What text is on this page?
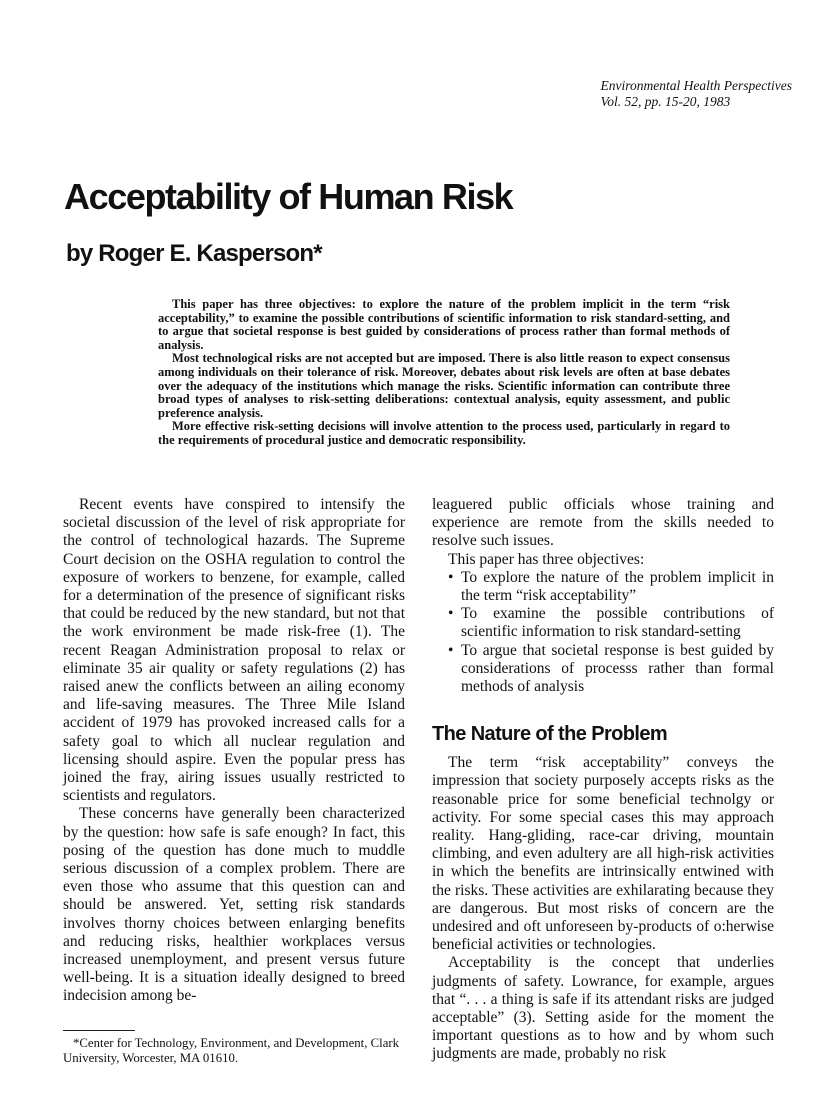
Environmental Health Perspectives
Vol. 52, pp. 15-20, 1983
Acceptability of Human Risk
by Roger E. Kasperson*

This paper has three objectives: to explore the nature of the problem implicit in the term “risk acceptability,” to examine the possible contributions of scientific information to risk standard-setting, and to argue that societal response is best guided by considerations of process rather than formal methods of analysis.

Most technological risks are not accepted but are imposed. There is also little reason to expect consensus among individuals on their tolerance of risk. Moreover, debates about risk levels are often at base debates over the adequacy of the institutions which manage the risks. Scientific information can contribute three broad types of analyses to risk-setting deliberations: contextual analysis, equity assessment, and public preference analysis.

More effective risk-setting decisions will involve attention to the process used, particularly in regard to the requirements of procedural justice and democratic responsibility.

Recent events have conspired to intensify the societal discussion of the level of risk appropriate for the control of technological hazards. The Supreme Court decision on the OSHA regulation to control the exposure of workers to benzene, for example, called for a determination of the presence of significant risks that could be reduced by the new standard, but not that the work environment be made risk-free (1). The recent Reagan Administration proposal to relax or eliminate 35 air quality or safety regulations (2) has raised anew the conflicts between an ailing economy and life-saving measures. The Three Mile Island accident of 1979 has provoked increased calls for a safety goal to which all nuclear regulation and licensing should aspire. Even the popular press has joined the fray, airing issues usually restricted to scientists and regulators.

These concerns have generally been characterized by the question: how safe is safe enough? In fact, this posing of the question has done much to muddle serious discussion of a complex problem. There are even those who assume that this question can and should be answered. Yet, setting risk standards involves thorny choices between enlarging benefits and reducing risks, healthier workplaces versus increased unemployment, and present versus future well-being. It is a situation ideally designed to breed indecision among be-

leaguered public officials whose training and experience are remote from the skills needed to resolve such issues.

This paper has three objectives:

• To explore the nature of the problem implicit in the term “risk acceptability”
• To examine the possible contributions of scientific information to risk standard-setting
• To argue that societal response is best guided by considerations of processs rather than formal methods of analysis
The Nature of the Problem

The term “risk acceptability” conveys the impression that society purposely accepts risks as the reasonable price for some beneficial technolgy or activity. For some special cases this may approach reality. Hang-gliding, race-car driving, mountain climbing, and even adultery are all high-risk activities in which the benefits are intrinsically entwined with the risks. These activities are exhilarating because they are dangerous. But most risks of concern are the undesired and oft unforeseen by-products of o:herwise beneficial activities or technologies.

Acceptability is the concept that underlies judgments of safety. Lowrance, for example, argues that “. . . a thing is safe if its attendant risks are judged acceptable” (3). Setting aside for the moment the important questions as to how and by whom such judgments are made, probably no risk

*Center for Technology, Environment, and Development, Clark University, Worcester, MA 01610.
